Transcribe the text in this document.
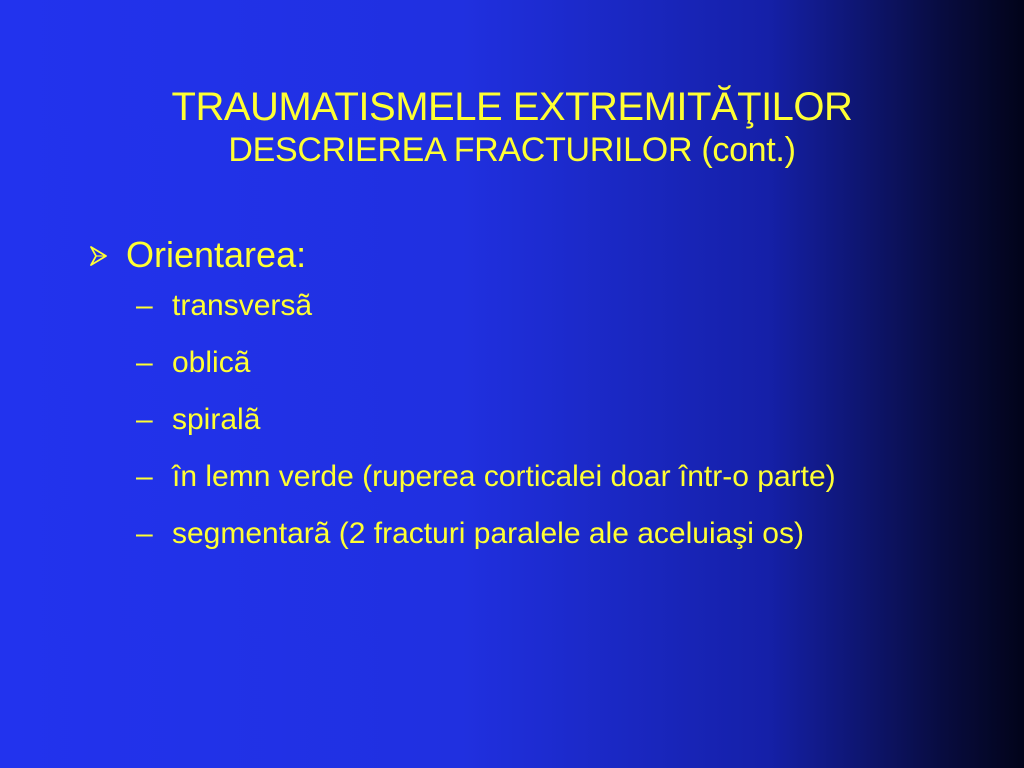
TRAUMATISMELE EXTREMITĂŢILOR
DESCRIEREA FRACTURILOR (cont.)
Orientarea:
– transversã
– oblicã
– spiralã
– în lemn verde (ruperea corticalei doar într-o parte)
– segmentarã (2 fracturi paralele ale aceluiaşi os)
